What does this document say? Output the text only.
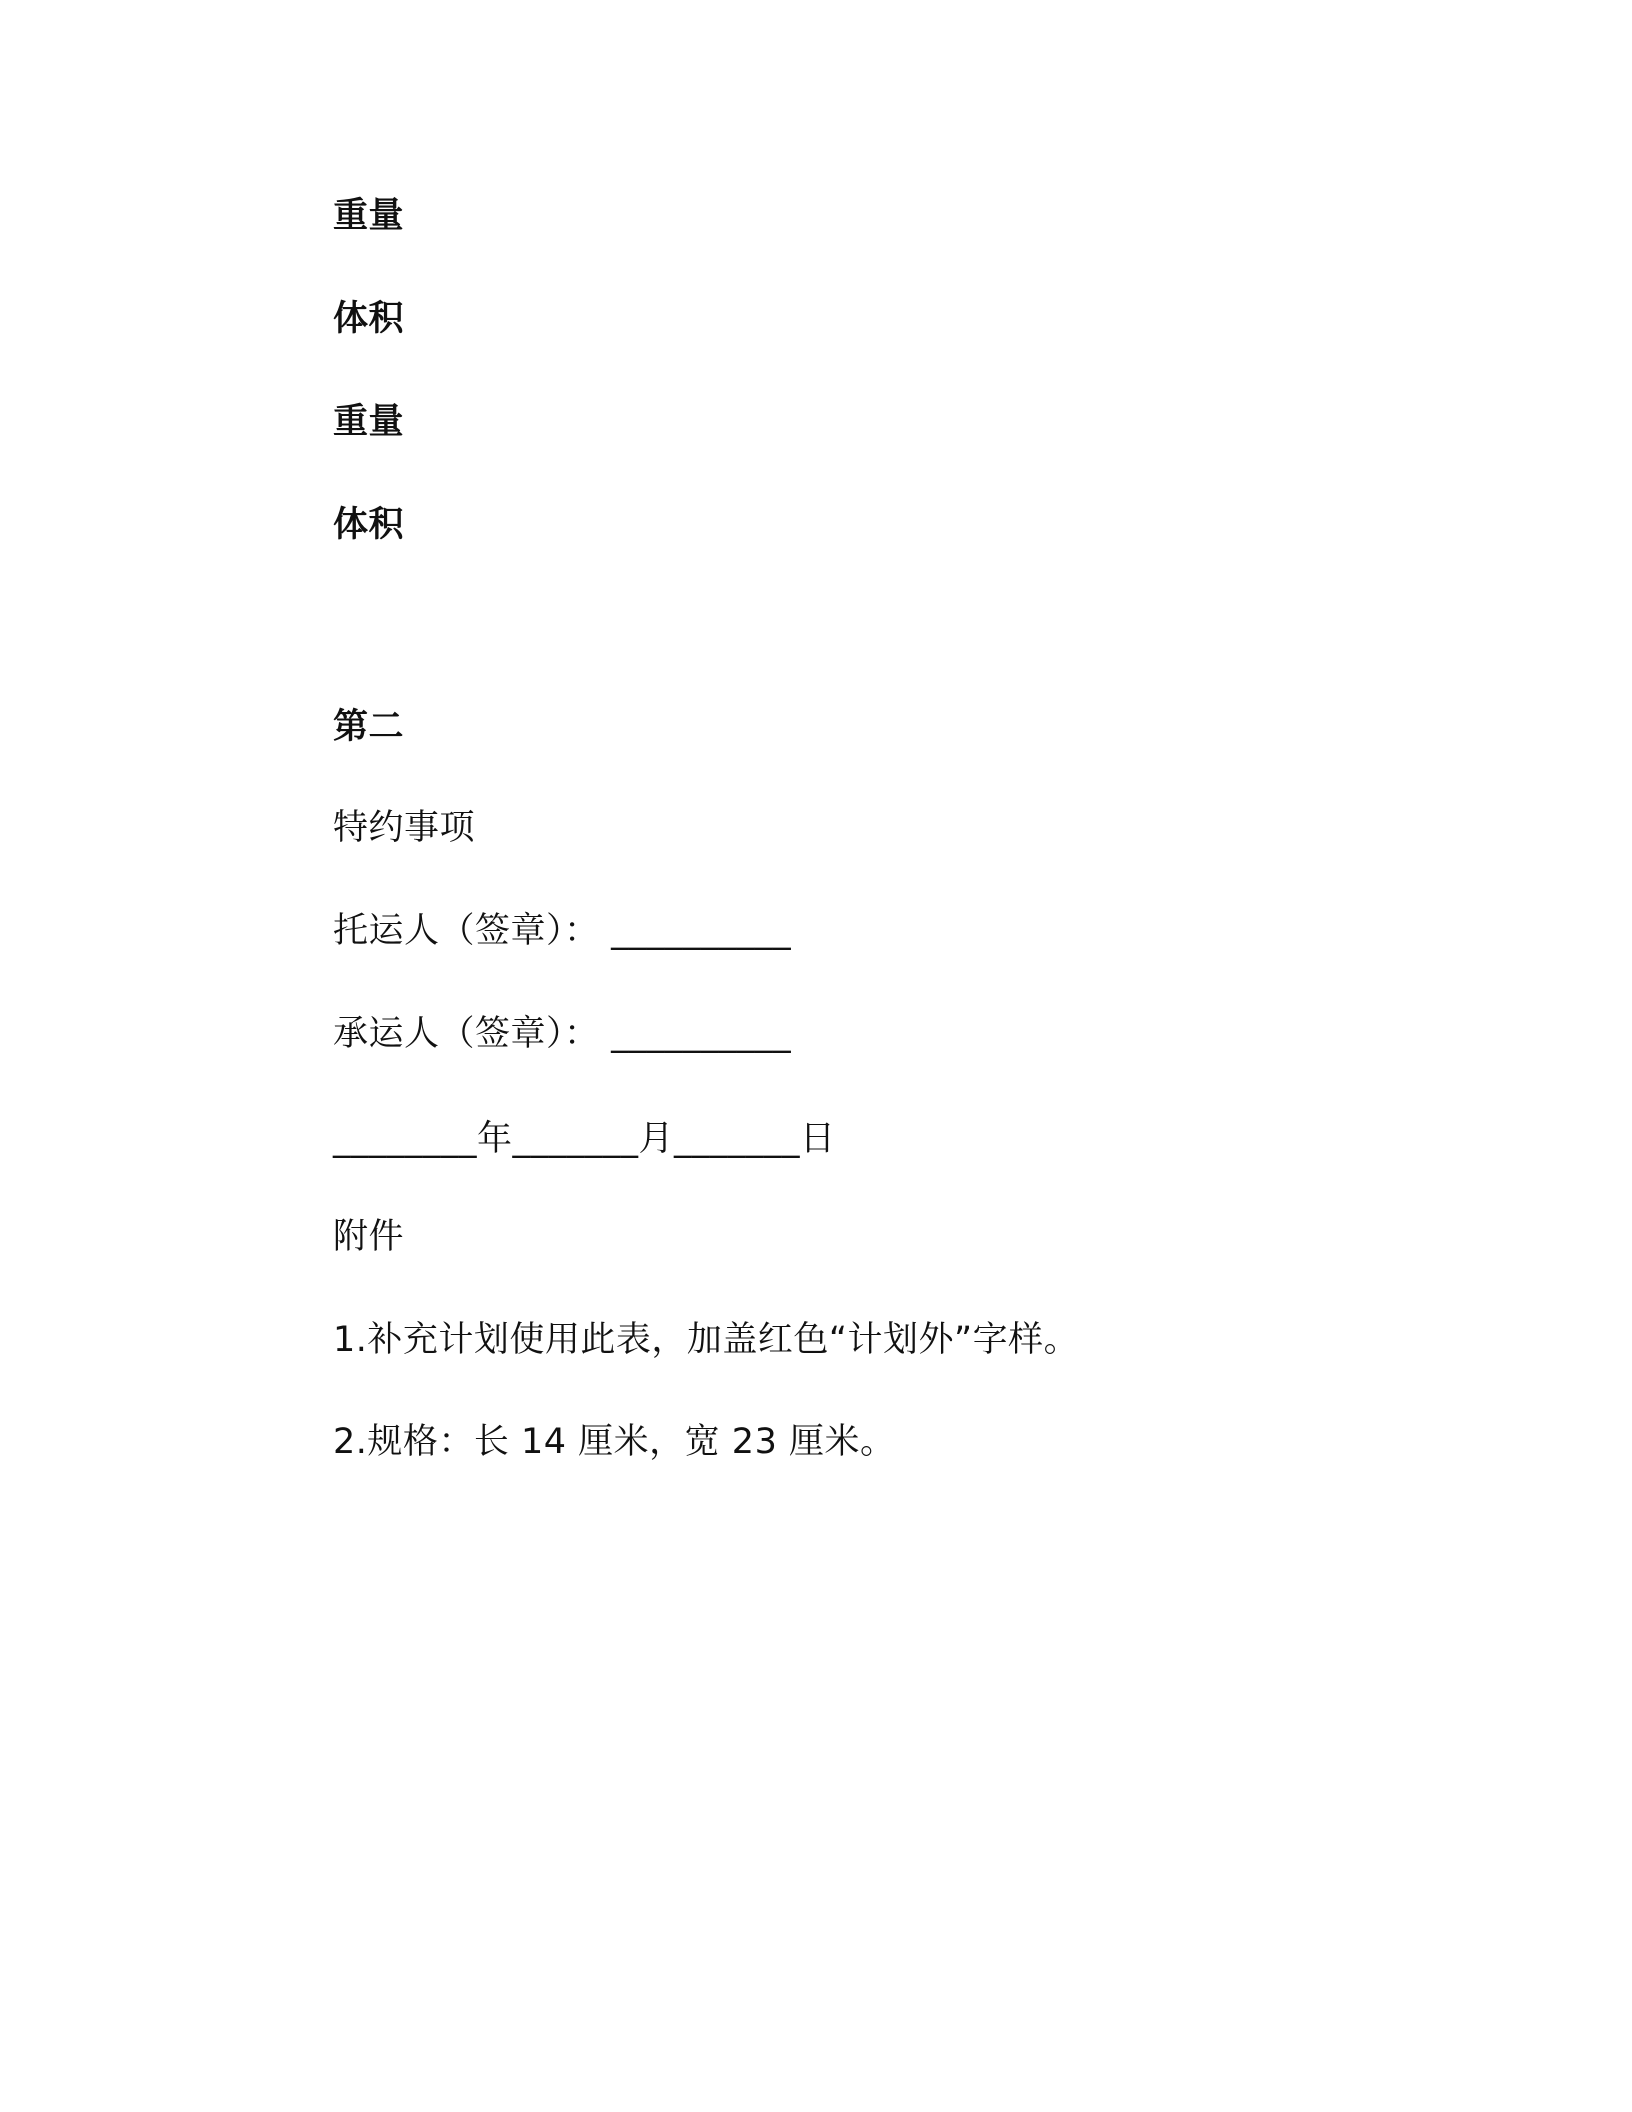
重量
体积
重量
体积
第二
特约事项
托运人（签章）： __________
承运人（签章）： __________
________年_______月_______日
附件
1.补充计划使用此表，加盖红色“计划外”字样。
2.规格：长 14 厘米，宽 23 厘米。
